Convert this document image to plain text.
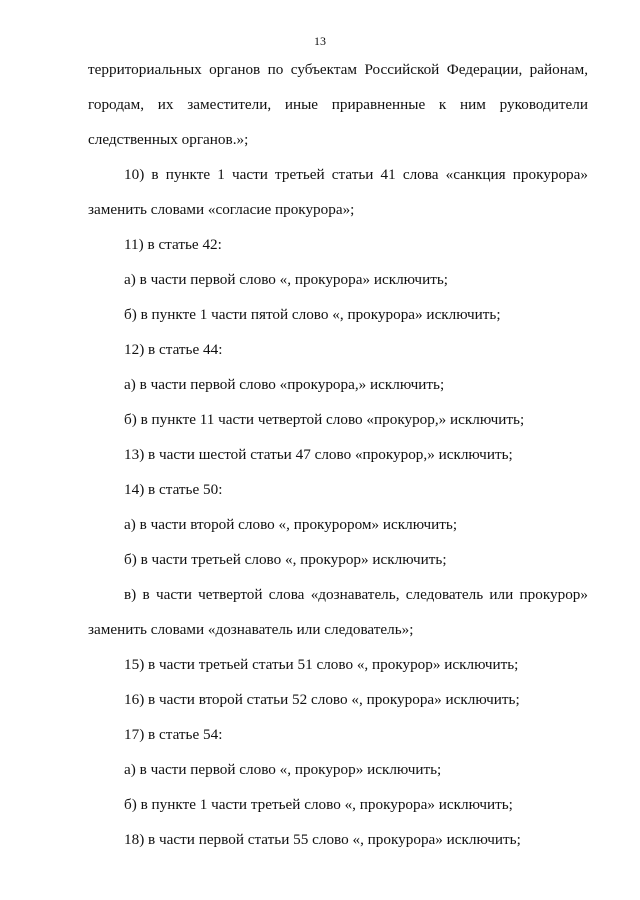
13
территориальных органов по субъектам Российской Федерации, районам,
городам, их заместители, иные приравненные к ним руководители
следственных органов.»;
10) в пункте 1 части третьей статьи 41 слова «санкция прокурора»
заменить словами «согласие прокурора»;
11) в статье 42:
а) в части первой слово «, прокурора» исключить;
б) в пункте 1 части пятой слово «, прокурора» исключить;
12) в статье 44:
а) в части первой слово «прокурора,» исключить;
б) в пункте 11 части четвертой слово «прокурор,» исключить;
13) в части шестой статьи 47 слово «прокурор,» исключить;
14) в статье 50:
а) в части второй слово «, прокурором» исключить;
б) в части третьей слово «, прокурор» исключить;
в) в части четвертой слова «дознаватель, следователь или прокурор»
заменить словами «дознаватель или следователь»;
15) в части третьей статьи 51 слово «, прокурор» исключить;
16) в части второй статьи 52 слово «, прокурора» исключить;
17) в статье 54:
а) в части первой слово «, прокурор» исключить;
б) в пункте 1 части третьей слово «, прокурора» исключить;
18) в части первой статьи 55 слово «, прокурора» исключить;
